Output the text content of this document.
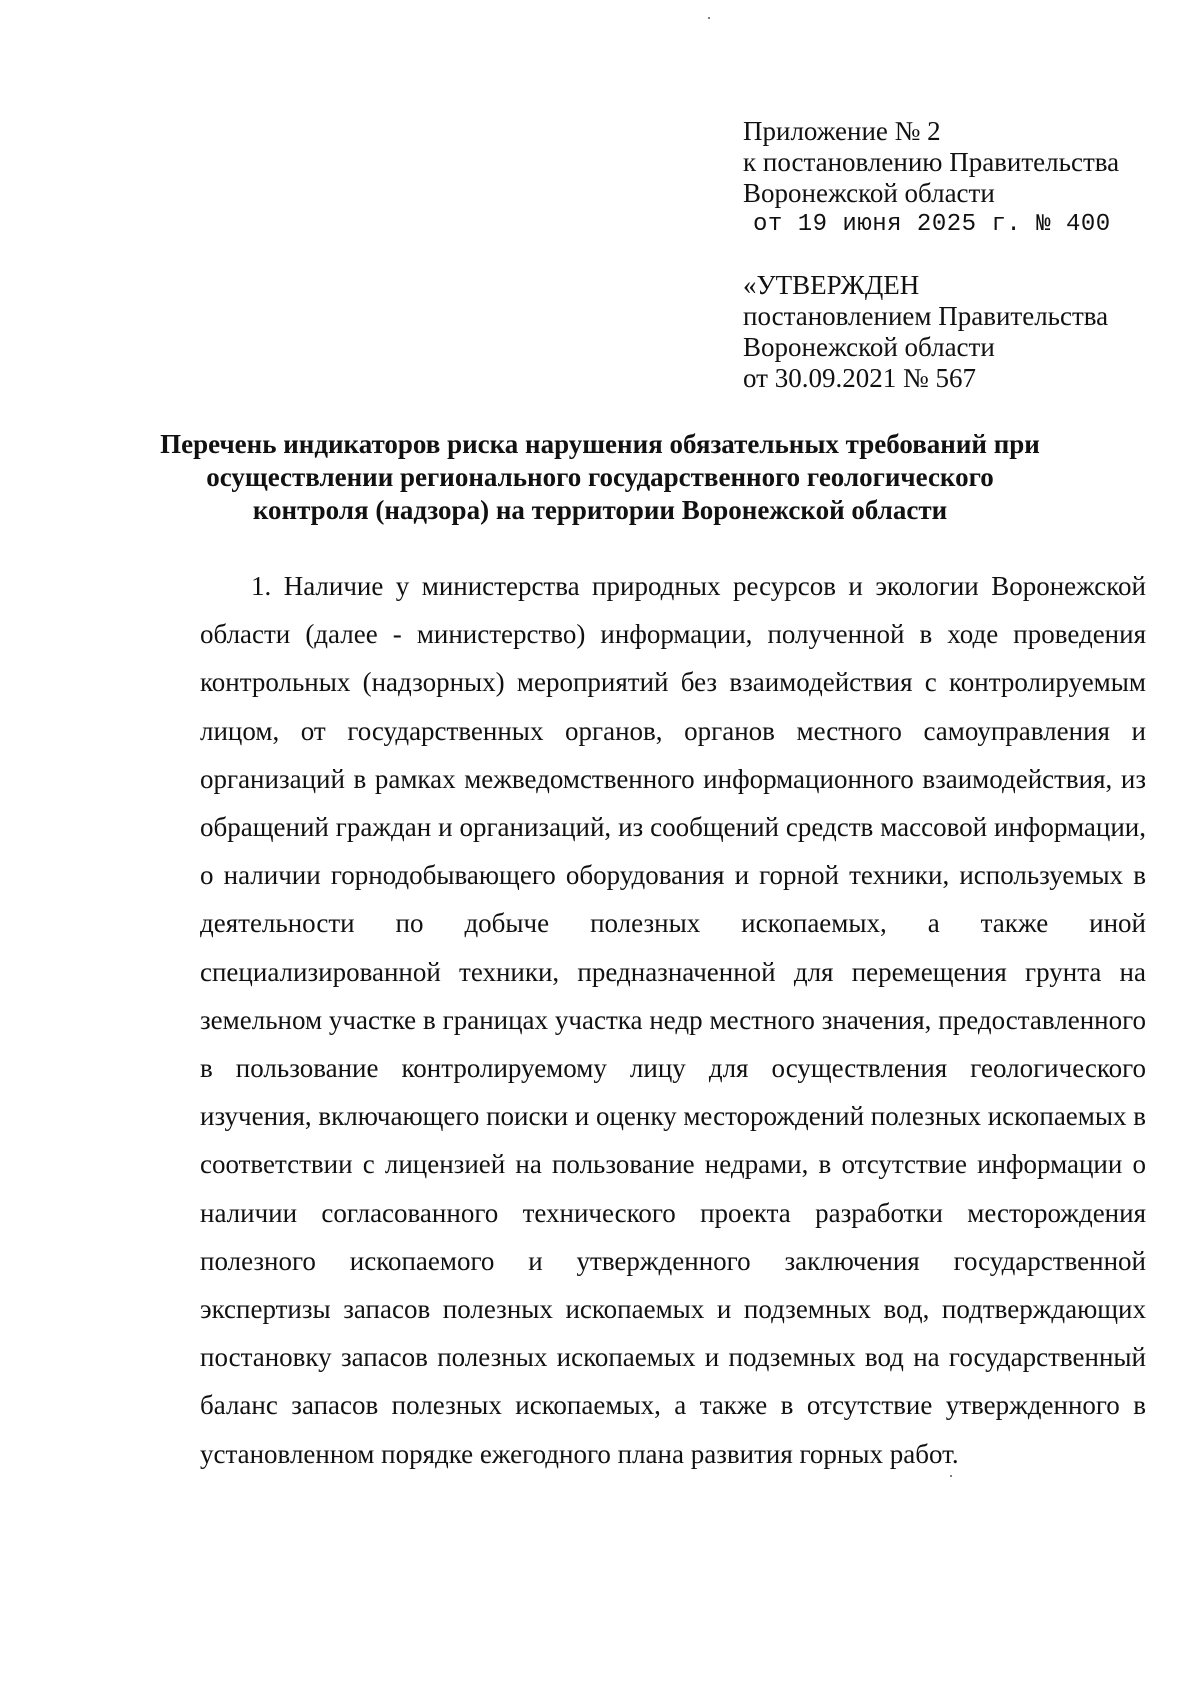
Приложение № 2
к постановлению Правительства
Воронежской области
от 19 июня 2025 г. № 400
«УТВЕРЖДЕН
постановлением Правительства
Воронежской области
от 30.09.2021 № 567
Перечень индикаторов риска нарушения обязательных требований при
осуществлении регионального государственного геологического
контроля (надзора) на территории Воронежской области

1. Наличие у министерства природных ресурсов и экологии Воронежской области (далее - министерство) информации, полученной в ходе проведения контрольных (надзорных) мероприятий без взаимодействия с контролируемым лицом, от государственных органов, органов местного самоуправления и организаций в рамках межведомственного информационного взаимодействия, из обращений граждан и организаций, из сообщений средств массовой информации, о наличии горнодобывающего оборудования и горной техники, используемых в деятельности по добыче полезных ископаемых, а также иной специализированной техники, предназначенной для перемещения грунта на земельном участке в границах участка недр местного значения, предоставленного в пользование контролируемому лицу для осуществления геологического изучения, включающего поиски и оценку месторождений полезных ископаемых в соответствии с лицензией на пользование недрами, в отсутствие информации о наличии согласованного технического проекта разработки месторождения полезного ископаемого и утвержденного заключения государственной экспертизы запасов полезных ископаемых и подземных вод, подтверждающих постановку запасов полезных ископаемых и подземных вод на государственный баланс запасов полезных ископаемых, а также в отсутствие утвержденного в установленном порядке ежегодного плана развития горных работ.
